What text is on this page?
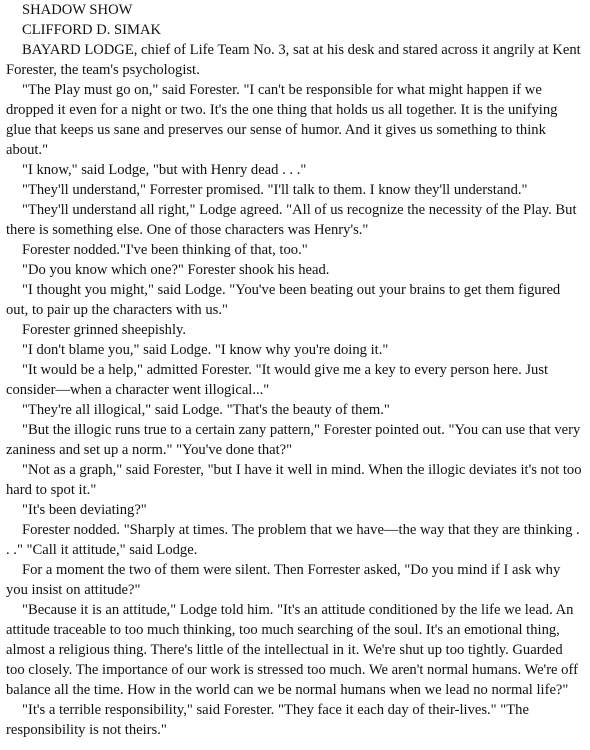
SHADOW SHOW

CLIFFORD D. SIMAK

BAYARD LODGE, chief of Life Team No. 3, sat at his desk and stared across it angrily at Kent Forester, the team's psychologist.

"The Play must go on," said Forester. "I can't be responsible for what might happen if we dropped it even for a night or two. It's the one thing that holds us all together. It is the unifying glue that keeps us sane and preserves our sense of humor. And it gives us something to think about."

"I know," said Lodge, "but with Henry dead . . ."

"They'll understand," Forrester promised. "I'll talk to them. I know they'll understand."

"They'll understand all right," Lodge agreed. "All of us recognize the necessity of the Play. But there is something else. One of those characters was Henry's."

Forester nodded."I've been thinking of that, too."

"Do you know which one?" Forester shook his head.

"I thought you might," said Lodge. "You've been beating out your brains to get them figured out, to pair up the characters with us."

Forester grinned sheepishly.

"I don't blame you," said Lodge. "I know why you're doing it."

"It would be a help," admitted Forester. "It would give me a key to every person here. Just consider—when a character went illogical..."

"They're all illogical," said Lodge. "That's the beauty of them."

"But the illogic runs true to a certain zany pattern," Forester pointed out. "You can use that very zaniness and set up a norm." "You've done that?"

"Not as a graph," said Forester, "but I have it well in mind. When the illogic deviates it's not too hard to spot it."

"It's been deviating?"

Forester nodded. "Sharply at times. The problem that we have—the way that they are thinking . . ." "Call it attitude," said Lodge.

For a moment the two of them were silent. Then Forrester asked, "Do you mind if I ask why you insist on attitude?"

"Because it is an attitude," Lodge told him. "It's an attitude conditioned by the life we lead. An attitude traceable to too much thinking, too much searching of the soul. It's an emotional thing, almost a religious thing. There's little of the intellectual in it. We're shut up too tightly. Guarded too closely. The importance of our work is stressed too much. We aren't normal humans. We're off balance all the time. How in the world can we be normal humans when we lead no normal life?"

"It's a terrible responsibility," said Forester. "They face it each day of their-lives." "The responsibility is not theirs."
